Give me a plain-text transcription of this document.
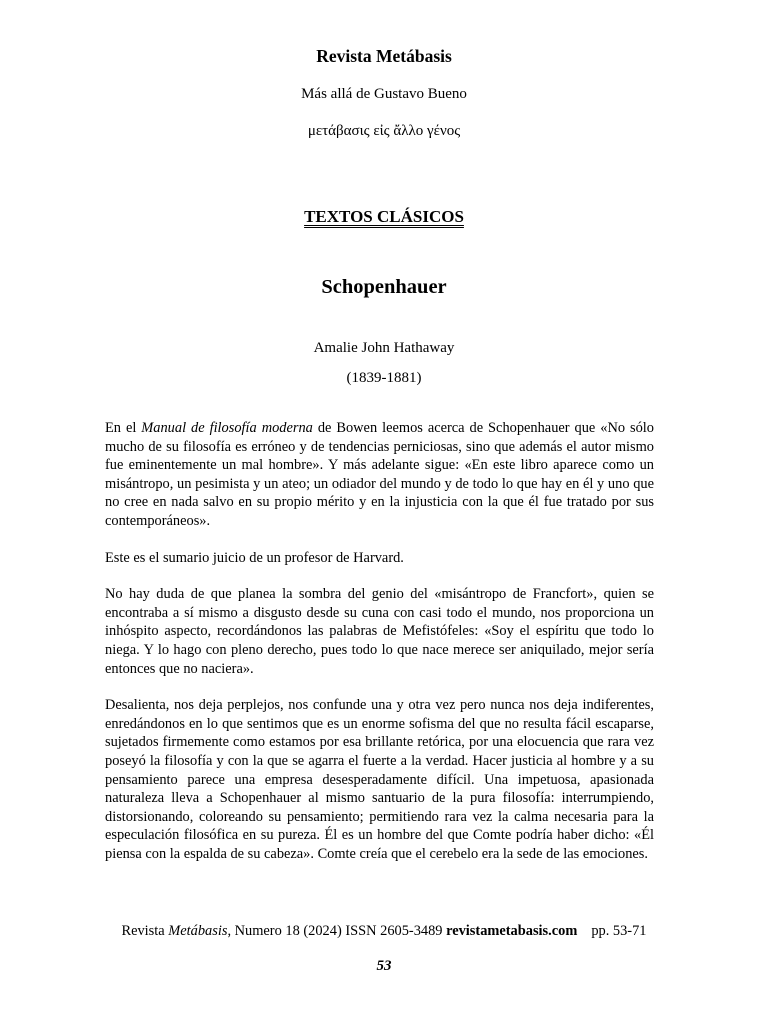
Revista Metábasis
Más allá de Gustavo Bueno
μετάβασις εἰς ἄλλο γένος
TEXTOS CLÁSICOS
Schopenhauer
Amalie John Hathaway
(1839-1881)

En el Manual de filosofía moderna de Bowen leemos acerca de Schopenhauer que «No sólo mucho de su filosofía es erróneo y de tendencias perniciosas, sino que además el autor mismo fue eminentemente un mal hombre». Y más adelante sigue: «En este libro aparece como un misántropo, un pesimista y un ateo; un odiador del mundo y de todo lo que hay en él y uno que no cree en nada salvo en su propio mérito y en la injusticia con la que él fue tratado por sus contemporáneos».

Este es el sumario juicio de un profesor de Harvard.

No hay duda de que planea la sombra del genio del «misántropo de Francfort», quien se encontraba a sí mismo a disgusto desde su cuna con casi todo el mundo, nos proporciona un inhóspito aspecto, recordándonos las palabras de Mefistófeles: «Soy el espíritu que todo lo niega. Y lo hago con pleno derecho, pues todo lo que nace merece ser aniquilado, mejor sería entonces que no naciera».

Desalienta, nos deja perplejos, nos confunde una y otra vez pero nunca nos deja indiferentes, enredándonos en lo que sentimos que es un enorme sofisma del que no resulta fácil escaparse, sujetados firmemente como estamos por esa brillante retórica, por una elocuencia que rara vez poseyó la filosofía y con la que se agarra el fuerte a la verdad. Hacer justicia al hombre y a su pensamiento parece una empresa desesperadamente difícil. Una impetuosa, apasionada naturaleza lleva a Schopenhauer al mismo santuario de la pura filosofía: interrumpiendo, distorsionando, coloreando su pensamiento; permitiendo rara vez la calma necesaria para la especulación filosófica en su pureza. Él es un hombre del que Comte podría haber dicho: «Él piensa con la espalda de su cabeza». Comte creía que el cerebelo era la sede de las emociones.

Revista Metábasis, Numero 18 (2024) ISSN 2605-3489 revistametabasis.com pp. 53-71
53
